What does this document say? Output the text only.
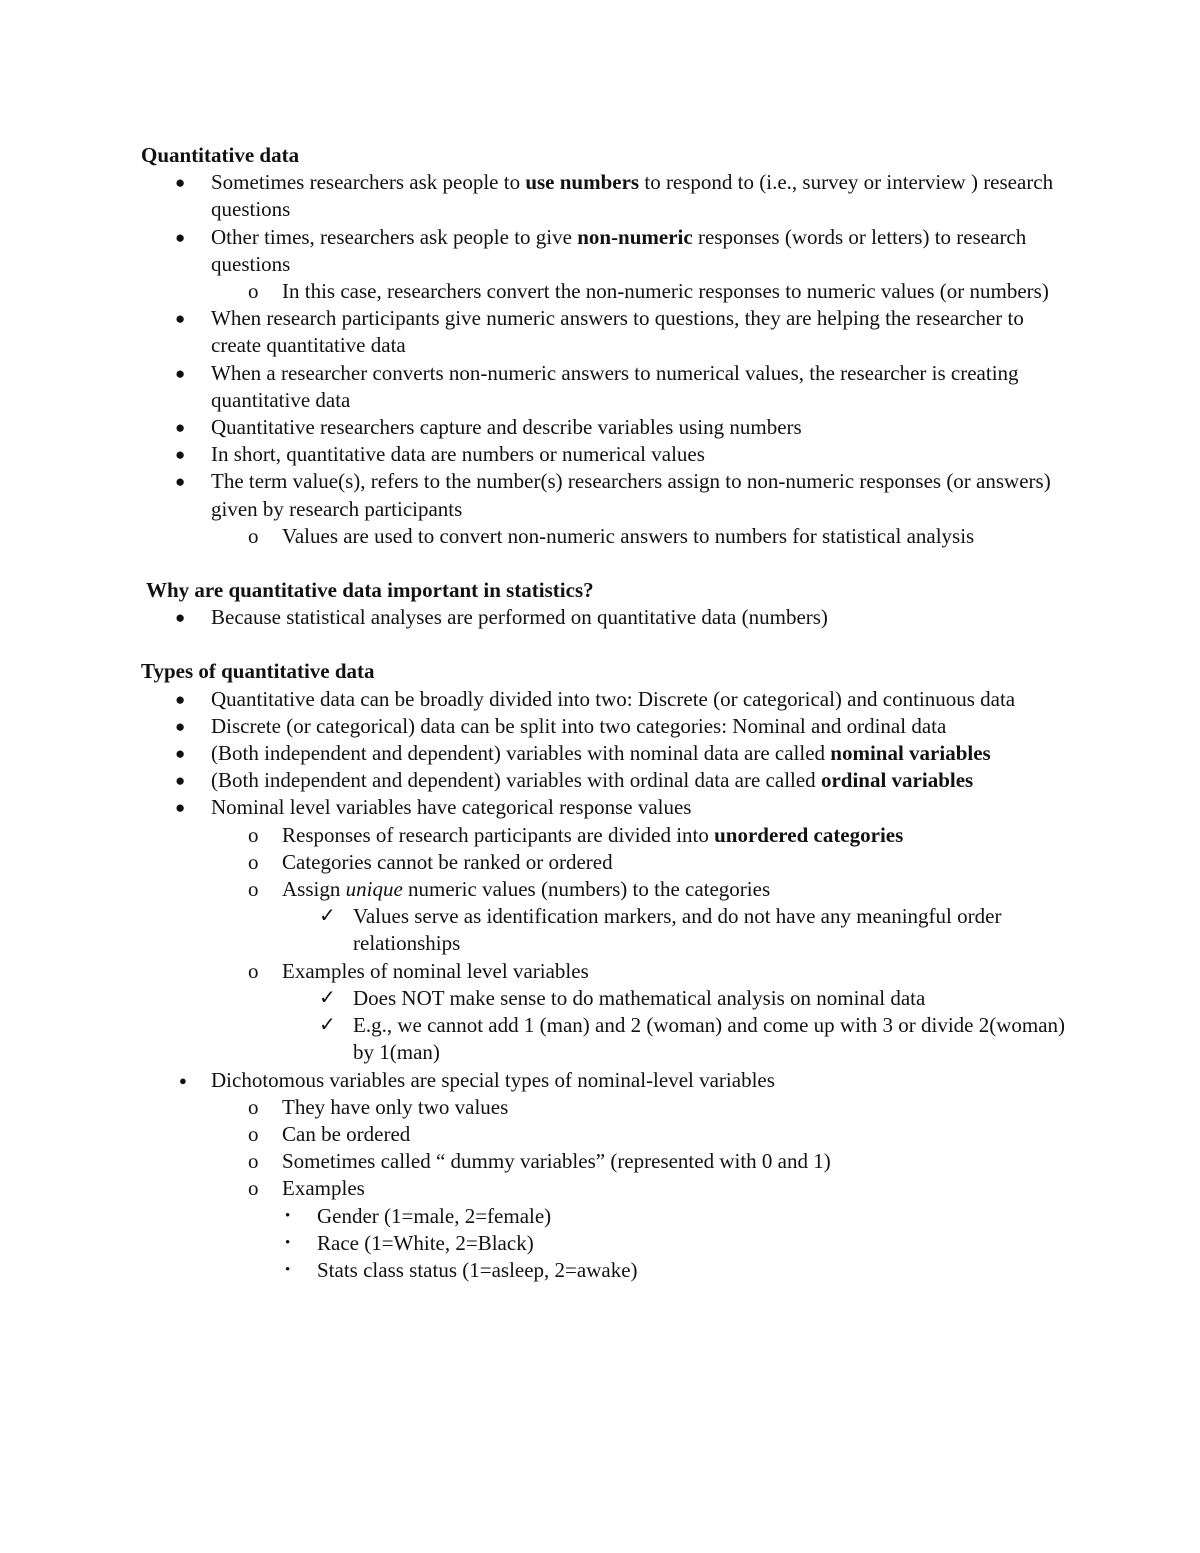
Quantitative data

● Sometimes researchers ask people to use numbers to respond to (i.e., survey or interview ) research questions
● Other times, researchers ask people to give non-numeric responses (words or letters) to research questions
o In this case, researchers convert the non-numeric responses to numeric values (or numbers)
● When research participants give numeric answers to questions, they are helping the researcher to create quantitative data
● When a researcher converts non-numeric answers to numerical values, the researcher is creating quantitative data
● Quantitative researchers capture and describe variables using numbers
● In short, quantitative data are numbers or numerical values
● The term value(s), refers to the number(s) researchers assign to non-numeric responses (or answers) given by research participants
o Values are used to convert non-numeric answers to numbers for statistical analysis

Why are quantitative data important in statistics?

● Because statistical analyses are performed on quantitative data (numbers)

Types of quantitative data

● Quantitative data can be broadly divided into two: Discrete (or categorical) and continuous data
● Discrete (or categorical) data can be split into two categories: Nominal and ordinal data
● (Both independent and dependent) variables with nominal data are called nominal variables
● (Both independent and dependent) variables with ordinal data are called ordinal variables
● Nominal level variables have categorical response values
o Responses of research participants are divided into unordered categories
o Categories cannot be ranked or ordered
o Assign unique numeric values (numbers) to the categories
✓ Values serve as identification markers, and do not have any meaningful order relationships
o Examples of nominal level variables
✓ Does NOT make sense to do mathematical analysis on nominal data
✓ E.g., we cannot add 1 (man) and 2 (woman) and come up with 3 or divide 2(woman) by 1(man)
● Dichotomous variables are special types of nominal-level variables
o They have only two values
o Can be ordered
o Sometimes called “ dummy variables” (represented with 0 and 1)
o Examples
• Gender (1=male, 2=female)
• Race (1=White, 2=Black)
• Stats class status (1=asleep, 2=awake)
